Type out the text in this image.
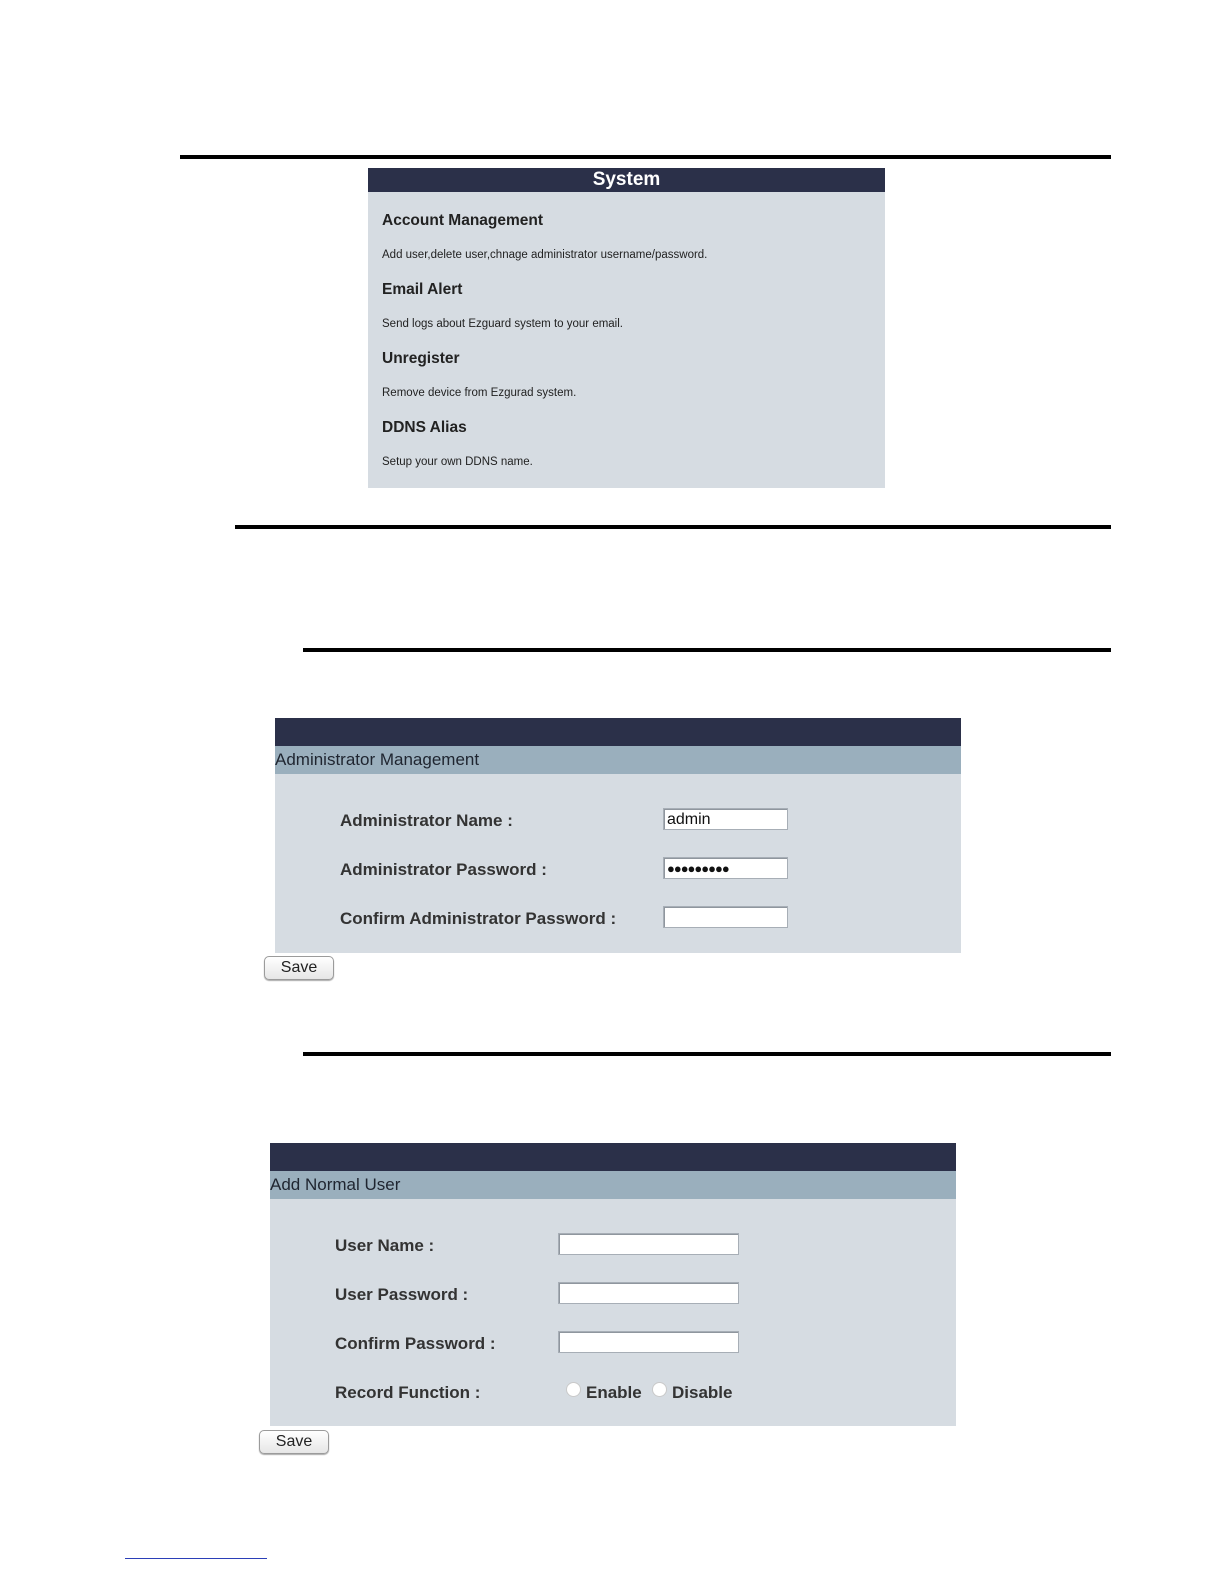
System
Account Management
Add user,delete user,chnage administrator username/password.
Email Alert
Send logs about Ezguard system to your email.
Unregister
Remove device from Ezgurad system.
DDNS Alias
Setup your own DDNS name.
Administrator Management
Administrator Name :	admin
Administrator Password :	●●●●●●●●●
Confirm Administrator Password :
Save
Add Normal User
User Name :
User Password :
Confirm Password :
Record Function :	Enable Disable
Save
